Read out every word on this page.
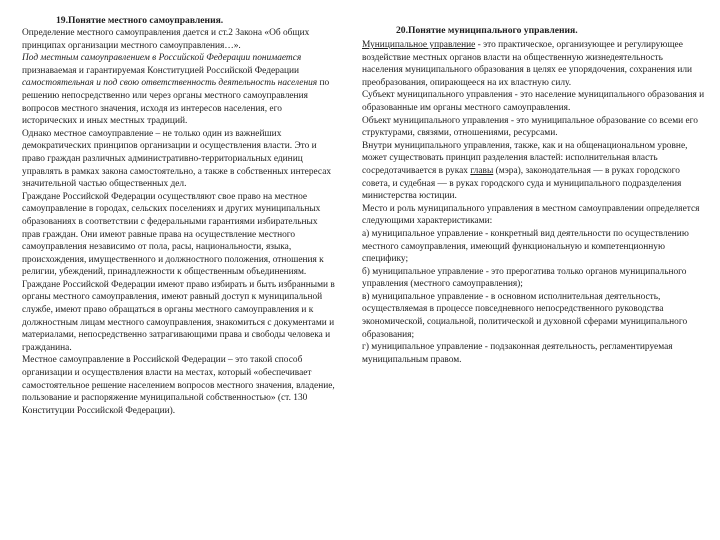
19.Понятие местного самоуправления.

Определение местного самоуправления дается и ст.2 Закона «Об общих принципах организации местного самоуправления…».

Под местным самоуправлением в Российской Федерации понимается признаваемая и гарантируемая Конституцией Российской Федерации самостоятельная и под свою ответственность деятельность населения по решению непосредственно или через органы местного самоуправления вопросов местного значения, исходя из интересов населения, его исторических и иных местных традиций.

Однако местное самоуправление – не только один из важнейших демократических принципов организации и осуществления власти. Это и право граждан различных административно-территориальных единиц управлять в рамках закона самостоятельно, а также в собственных интересах значительной частью общественных дел.

Граждане Российской Федерации осуществляют свое право на местное самоуправление в городах, сельских поселениях и других муниципальных образованиях в соответствии с федеральными гарантиями избирательных прав граждан. Они имеют равные права на осуществление местного самоуправления независимо от пола, расы, национальности, языка, происхождения, имущественного и должностного положения, отношения к религии, убеждений, принадлежности к общественным объединениям.

Граждане Российской Федерации имеют право избирать и быть избранными в органы местного самоуправления, имеют равный доступ к муниципальной службе, имеют право обращаться в органы местного самоуправления и к должностным лицам местного самоуправления, знакомиться с документами и материалами, непосредственно затрагивающими права и свободы человека и гражданина.

Местное самоуправление в Российской Федерации – это такой способ организации и осуществления власти на местах, который «обеспечивает самостоятельное решение населением вопросов местного значения, владение, пользование и распоряжение муниципальной собственностью» (ст. 130 Конституции Российской Федерации).

20.Понятие муниципального управления.

Муниципальное управление - это практическое, организующее и регулирующее воздействие местных органов власти на общественную жизнедеятельность населения муниципального образования в целях ее упорядочения, сохранения или преобразования, опирающееся на их властную силу.

Субъект муниципального управления - это население муниципального образования и образованные им органы местного самоуправления.

Объект муниципального управления - это муниципальное образование со всеми его структурами, связями, отношениями, ресурсами.

Внутри муниципального управления, также, как и на общенациональном уровне, может существовать принцип разделения властей: исполнительная власть сосредотачивается в руках главы (мэра), законодательная — в руках городского совета, и судебная — в руках городского суда и муниципального подразделения министерства юстиции.

Место и роль муниципального управления в местном самоуправлении определяется следующими характеристиками:

а) муниципальное управление - конкретный вид деятельности по осуществлению местного самоуправления, имеющий функциональную и компетенционную специфику;

б) муниципальное управление - это прерогатива только органов муниципального управления (местного самоуправления);

в) муниципальное управление - в основном исполнительная деятельность, осуществляемая в процессе повседневного непосредственного руководства экономической, социальной, политической и духовной сферами муниципального образования;

г) муниципальное управление - подзаконная деятельность, регламентируемая муниципальным правом.
